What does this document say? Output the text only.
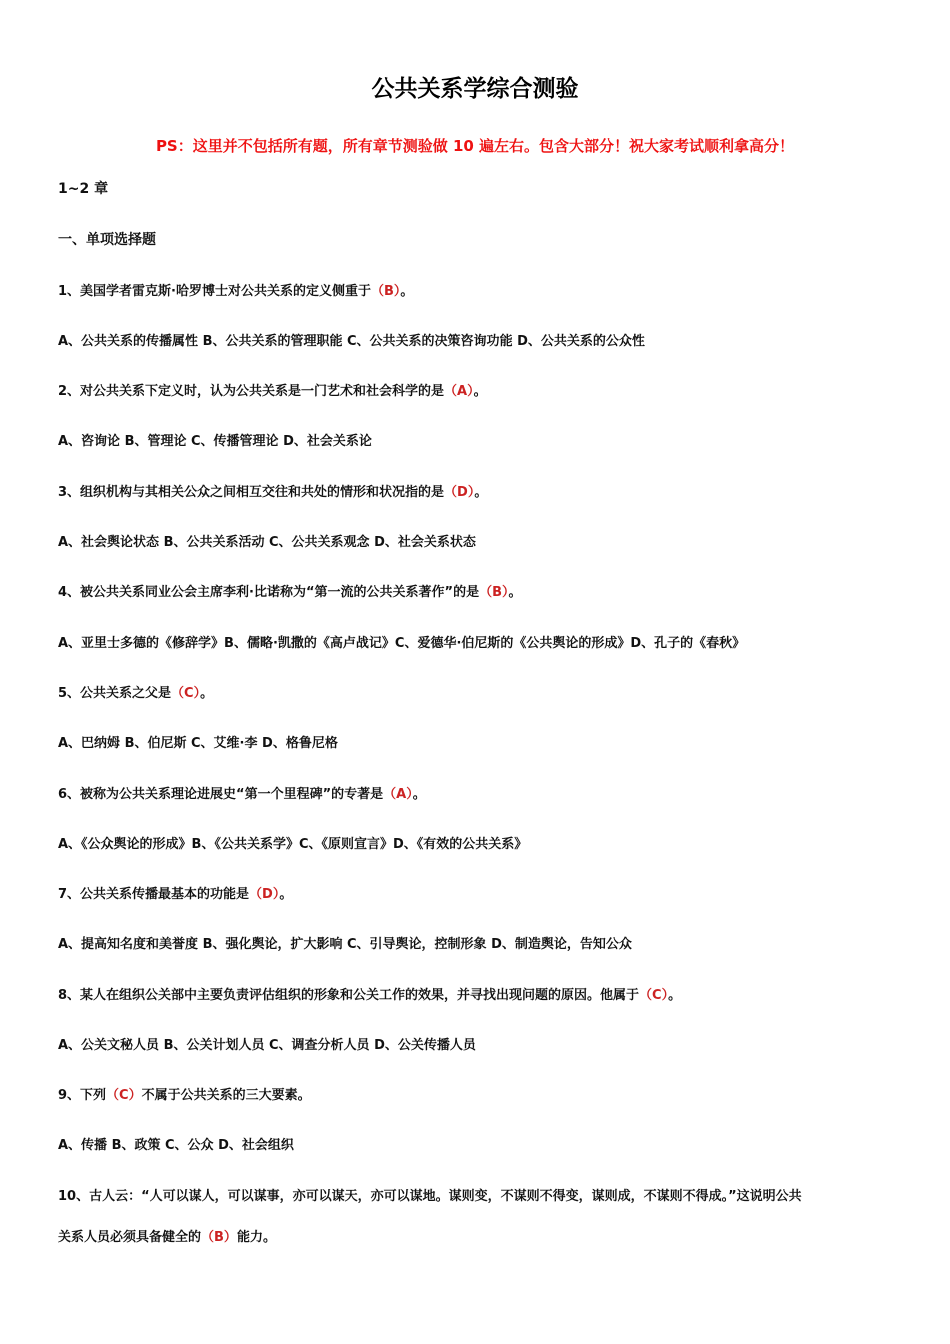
公共关系学综合测验
PS：这里并不包括所有题，所有章节测验做 10 遍左右。包含大部分！祝大家考试顺利拿高分！
1~2 章
一、单项选择题
1、美国学者雷克斯·哈罗博士对公共关系的定义侧重于（B）。
A、公共关系的传播属性 B、公共关系的管理职能 C、公共关系的决策咨询功能 D、公共关系的公众性
2、对公共关系下定义时，认为公共关系是一门艺术和社会科学的是（A）。
A、咨询论 B、管理论 C、传播管理论 D、社会关系论
3、组织机构与其相关公众之间相互交往和共处的情形和状况指的是（D）。
A、社会舆论状态 B、公共关系活动 C、公共关系观念 D、社会关系状态
4、被公共关系同业公会主席李利·比诺称为“第一流的公共关系著作”的是（B）。
A、亚里士多德的《修辞学》B、儒略·凯撒的《高卢战记》C、爱德华·伯尼斯的《公共舆论的形成》D、孔子的《春秋》
5、公共关系之父是（C）。
A、巴纳姆 B、伯尼斯 C、艾维·李 D、格鲁尼格
6、被称为公共关系理论进展史“第一个里程碑”的专著是（A）。
A、《公众舆论的形成》B、《公共关系学》C、《原则宣言》D、《有效的公共关系》
7、公共关系传播最基本的功能是（D）。
A、提高知名度和美誉度 B、强化舆论，扩大影响 C、引导舆论，控制形象 D、制造舆论，告知公众
8、某人在组织公关部中主要负责评估组织的形象和公关工作的效果，并寻找出现问题的原因。他属于（C）。
A、公关文秘人员 B、公关计划人员 C、调查分析人员 D、公关传播人员
9、下列（C）不属于公共关系的三大要素。
A、传播 B、政策 C、公众 D、社会组织
10、古人云：“人可以谋人，可以谋事，亦可以谋天，亦可以谋地。谋则变，不谋则不得变，谋则成，不谋则不得成。”这说明公共
关系人员必须具备健全的（B）能力。
